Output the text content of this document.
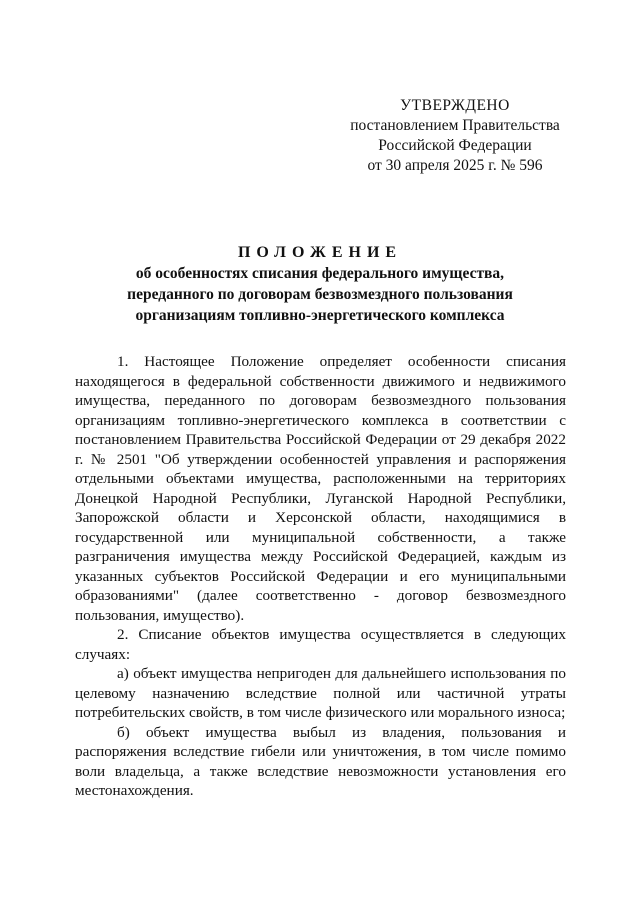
УТВЕРЖДЕНО
постановлением Правительства
Российской Федерации
от 30 апреля 2025 г. № 596
ПОЛОЖЕНИЕ
об особенностях списания федерального имущества, переданного по договорам безвозмездного пользования организациям топливно-энергетического комплекса

1. Настоящее Положение определяет особенности списания находящегося в федеральной собственности движимого и недвижимого имущества, переданного по договорам безвозмездного пользования организациям топливно-энергетического комплекса в соответствии с постановлением Правительства Российской Федерации от 29 декабря 2022 г. № 2501 "Об утверждении особенностей управления и распоряжения отдельными объектами имущества, расположенными на территориях Донецкой Народной Республики, Луганской Народной Республики, Запорожской области и Херсонской области, находящимися в государственной или муниципальной собственности, а также разграничения имущества между Российской Федерацией, каждым из указанных субъектов Российской Федерации и его муниципальными образованиями" (далее соответственно - договор безвозмездного пользования, имущество).

2. Списание объектов имущества осуществляется в следующих случаях:

а) объект имущества непригоден для дальнейшего использования по целевому назначению вследствие полной или частичной утраты потребительских свойств, в том числе физического или морального износа;

б) объект имущества выбыл из владения, пользования и распоряжения вследствие гибели или уничтожения, в том числе помимо воли владельца, а также вследствие невозможности установления его местонахождения.
